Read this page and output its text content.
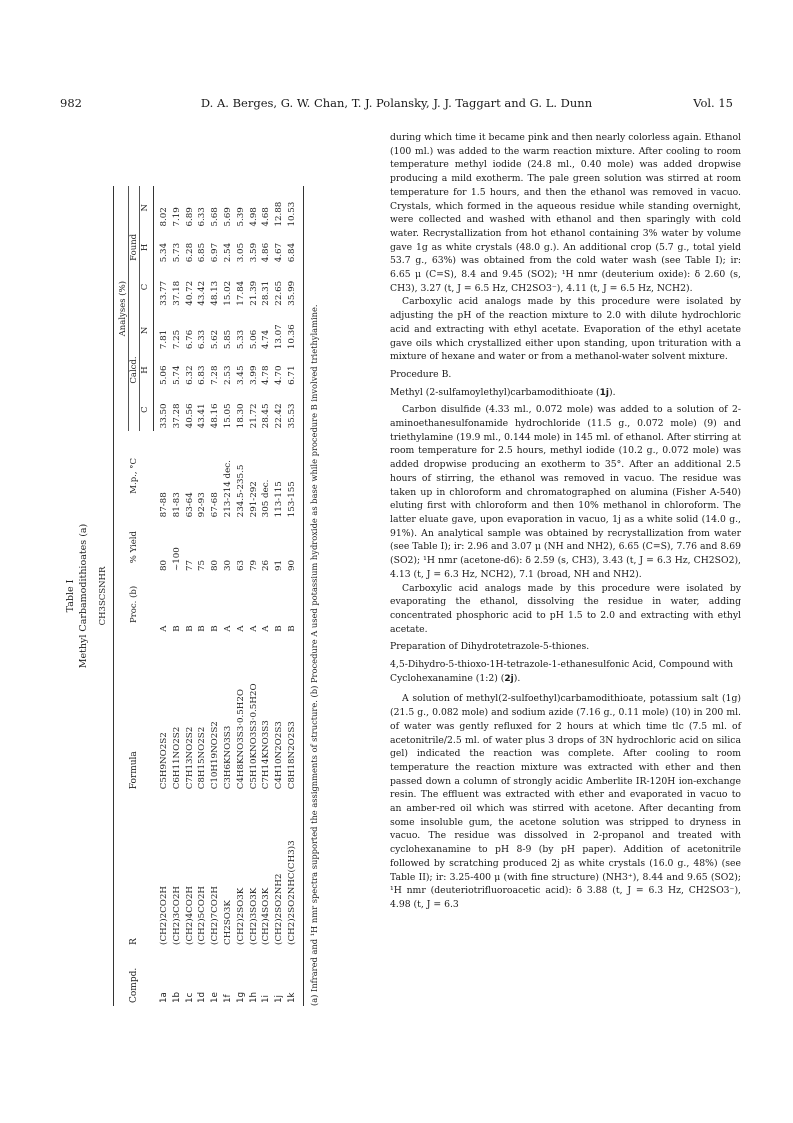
982	D. A. Berges, G. W. Chan, T. J. Polansky, J. J. Taggart and G. L. Dunn	Vol. 15
Table I Methyl Carbamodithioates (a) CH3SCSNHR

Compd.	R	Formula	Proc. (b)	% Yield	M.p., °C	Analyses (%)					
						Calcd.			Found		
						C	H	N	C	H	N
1a	(CH2)2CO2H	C5H9NO2S2	A	80	87-88	33.50	5.06	7.81	33.77	5.34	8.02
1b	(CH2)3CO2H	C6H11NO2S2	B	~100	81-83	37.28	5.74	7.25	37.18	5.73	7.19
1c	(CH2)4CO2H	C7H13NO2S2	B	77	63-64	40.56	6.32	6.76	40.72	6.28	6.89
1d	(CH2)5CO2H	C8H15NO2S2	B	75	92-93	43.41	6.83	6.33	43.42	6.85	6.33
1e	(CH2)7CO2H	C10H19NO2S2	B	80	67-68	48.16	7.28	5.62	48.13	6.97	5.68
1f	CH2SO3K	C3H6KNO3S3	A	30	213-214 dec.	15.05	2.53	5.85	15.02	2.54	5.69
1g	(CH2)2SO3K	C4H8KNO3S3·0.5H2O	A	63	234.5-235.5	18.30	3.45	5.33	17.84	3.05	5.39
1h	(CH2)3SO3K	C5H10KNO3S3·0.5H2O	A	79	291-292	21.72	3.99	5.06	21.39	3.59	4.98
1i	(CH2)4SO3K	C7H14KNO3S3	A	26	305 dec.	28.45	4.78	4.74	28.31	4.86	4.68
1j	(CH2)2SO2NH2	C4H10N2O2S3	B	91	113-115	22.42	4.70	13.07	22.65	4.67	12.88
1k	(CH2)2SO2NHC(CH3)3	C8H18N2O2S3	B	90	153-155	35.53	6.71	10.36	35.99	6.84	10.53
(a) Infrared and ¹H nmr spectra supported the assignments of structure. (b) Procedure A used potassium hydroxide as base while procedure B involved triethylamine.

during which time it became pink and then nearly colorless again. Ethanol (100 ml.) was added to the warm reaction mixture. After cooling to room temperature methyl iodide (24.8 ml., 0.40 mole) was added dropwise producing a mild exotherm. The pale green solution was stirred at room temperature for 1.5 hours, and then the ethanol was removed in vacuo. Crystals, which formed in the aqueous residue while standing overnight, were collected and washed with ethanol and then sparingly with cold water. Recrystallization from hot ethanol containing 3% water by volume gave 1g as white crystals (48.0 g.). An additional crop (5.7 g., total yield 53.7 g., 63%) was obtained from the cold water wash (see Table I); ir: 6.65 μ (C=S), 8.4 and 9.45 (SO2); ¹H nmr (deuterium oxide): δ 2.60 (s, CH3), 3.27 (t, J = 6.5 Hz, CH2SO3⁻), 4.11 (t, J = 6.5 Hz, NCH2).

Carboxylic acid analogs made by this procedure were isolated by adjusting the pH of the reaction mixture to 2.0 with dilute hydrochloric acid and extracting with ethyl acetate. Evaporation of the ethyl acetate gave oils which crystallized either upon standing, upon trituration with a mixture of hexane and water or from a methanol-water solvent mixture.

Procedure B.

Methyl (2-sulfamoylethyl)carbamodithioate (1j).

Carbon disulfide (4.33 ml., 0.072 mole) was added to a solution of 2-aminoethanesulfonamide hydrochloride (11.5 g., 0.072 mole) (9) and triethylamine (19.9 ml., 0.144 mole) in 145 ml. of ethanol. After stirring at room temperature for 2.5 hours, methyl iodide (10.2 g., 0.072 mole) was added dropwise producing an exotherm to 35°. After an additional 2.5 hours of stirring, the ethanol was removed in vacuo. The residue was taken up in chloroform and chromatographed on alumina (Fisher A-540) eluting first with chloroform and then 10% methanol in chloroform. The latter eluate gave, upon evaporation in vacuo, 1j as a white solid (14.0 g., 91%). An analytical sample was obtained by recrystallization from water (see Table I); ir: 2.96 and 3.07 μ (NH and NH2), 6.65 (C=S), 7.76 and 8.69 (SO2); ¹H nmr (acetone-d6): δ 2.59 (s, CH3), 3.43 (t, J = 6.3 Hz, CH2SO2), 4.13 (t, J = 6.3 Hz, NCH2), 7.1 (broad, NH and NH2).

Carboxylic acid analogs made by this procedure were isolated by evaporating the ethanol, dissolving the residue in water, adding concentrated phosphoric acid to pH 1.5 to 2.0 and extracting with ethyl acetate.

Preparation of Dihydrotetrazole-5-thiones.

4,5-Dihydro-5-thioxo-1H-tetrazole-1-ethanesulfonic Acid, Compound with Cyclohexanamine (1:2) (2j).

A solution of methyl(2-sulfoethyl)carbamodithioate, potassium salt (1g) (21.5 g., 0.082 mole) and sodium azide (7.16 g., 0.11 mole) (10) in 200 ml. of water was gently refluxed for 2 hours at which time tlc (7.5 ml. of acetonitrile/2.5 ml. of water plus 3 drops of 3N hydrochloric acid on silica gel) indicated the reaction was complete. After cooling to room temperature the reaction mixture was extracted with ether and then passed down a column of strongly acidic Amberlite IR-120H ion-exchange resin. The effluent was extracted with ether and evaporated in vacuo to an amber-red oil which was stirred with acetone. After decanting from some insoluble gum, the acetone solution was stripped to dryness in vacuo. The residue was dissolved in 2-propanol and treated with cyclohexanamine to pH 8-9 (by pH paper). Addition of acetonitrile followed by scratching produced 2j as white crystals (16.0 g., 48%) (see Table II); ir: 3.25-400 μ (with fine structure) (NH3⁺), 8.44 and 9.65 (SO2); ¹H nmr (deuteriotrifluoroacetic acid): δ 3.88 (t, J = 6.3 Hz, CH2SO3⁻), 4.98 (t, J = 6.3
